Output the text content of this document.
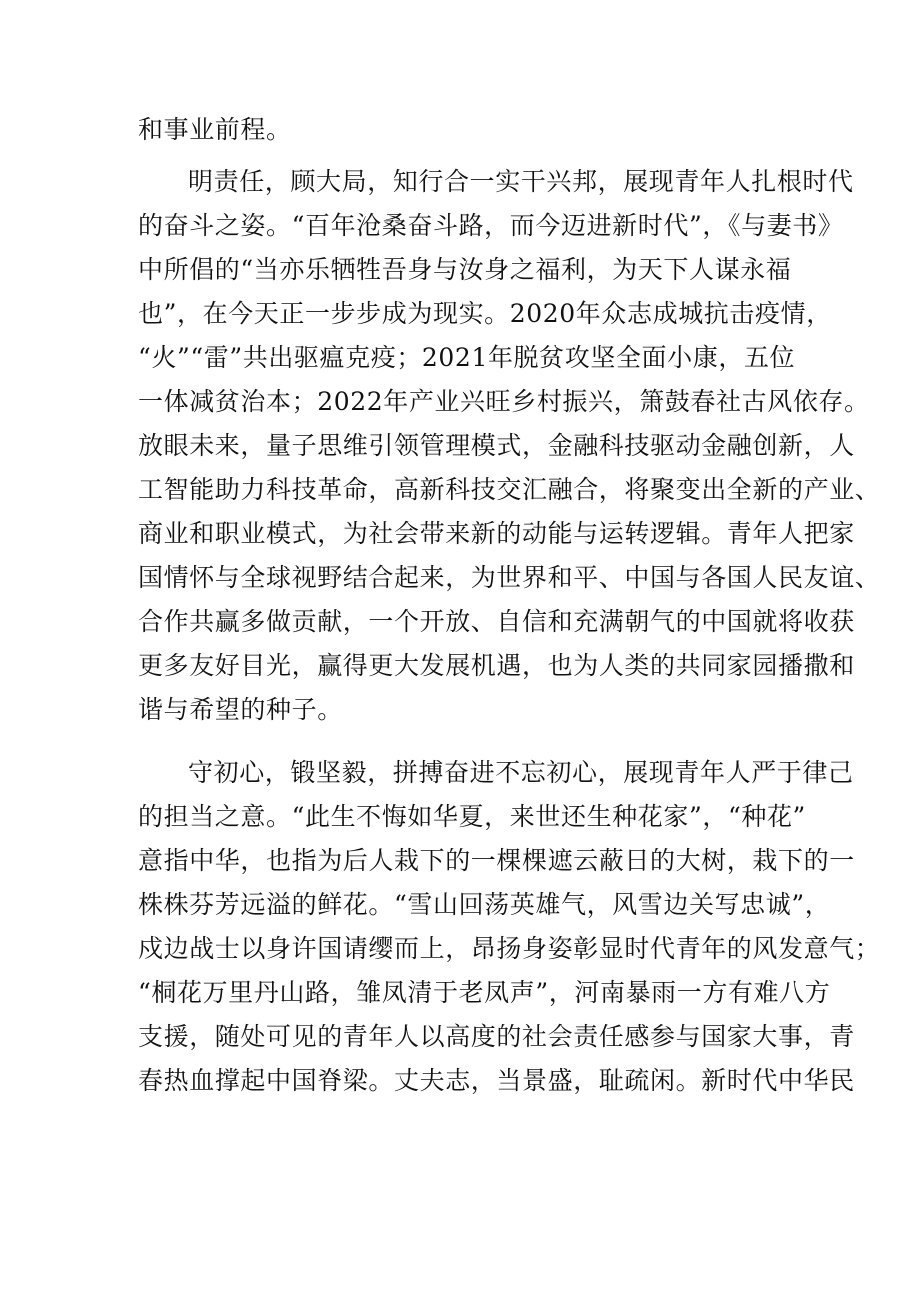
和事业前程。
明责任，顾大局，知行合一实干兴邦，展现青年人扎根时代
的奋斗之姿。“百年沧桑奋斗路，而今迈进新时代”，《与妻书》
中所倡的“当亦乐牺牲吾身与汝身之福利，为天下人谋永福
也”，在今天正一步步成为现实。2020年众志成城抗击疫情，
“火”“雷”共出驱瘟克疫；2021年脱贫攻坚全面小康，五位
一体减贫治本；2022年产业兴旺乡村振兴，箫鼓春社古风依存。
放眼未来，量子思维引领管理模式，金融科技驱动金融创新，人
工智能助力科技革命，高新科技交汇融合，将聚变出全新的产业、
商业和职业模式，为社会带来新的动能与运转逻辑。青年人把家
国情怀与全球视野结合起来，为世界和平、中国与各国人民友谊、
合作共赢多做贡献，一个开放、自信和充满朝气的中国就将收获
更多友好目光，赢得更大发展机遇，也为人类的共同家园播撒和
谐与希望的种子。
守初心，锻坚毅，拼搏奋进不忘初心，展现青年人严于律己
的担当之意。“此生不悔如华夏，来世还生种花家”，“种花”
意指中华，也指为后人栽下的一棵棵遮云蔽日的大树，栽下的一
株株芬芳远溢的鲜花。“雪山回荡英雄气，风雪边关写忠诚”，
戍边战士以身许国请缨而上，昂扬身姿彰显时代青年的风发意气；
“桐花万里丹山路，雏凤清于老凤声”，河南暴雨一方有难八方
支援，随处可见的青年人以高度的社会责任感参与国家大事，青
春热血撑起中国脊梁。丈夫志，当景盛，耻疏闲。新时代中华民
